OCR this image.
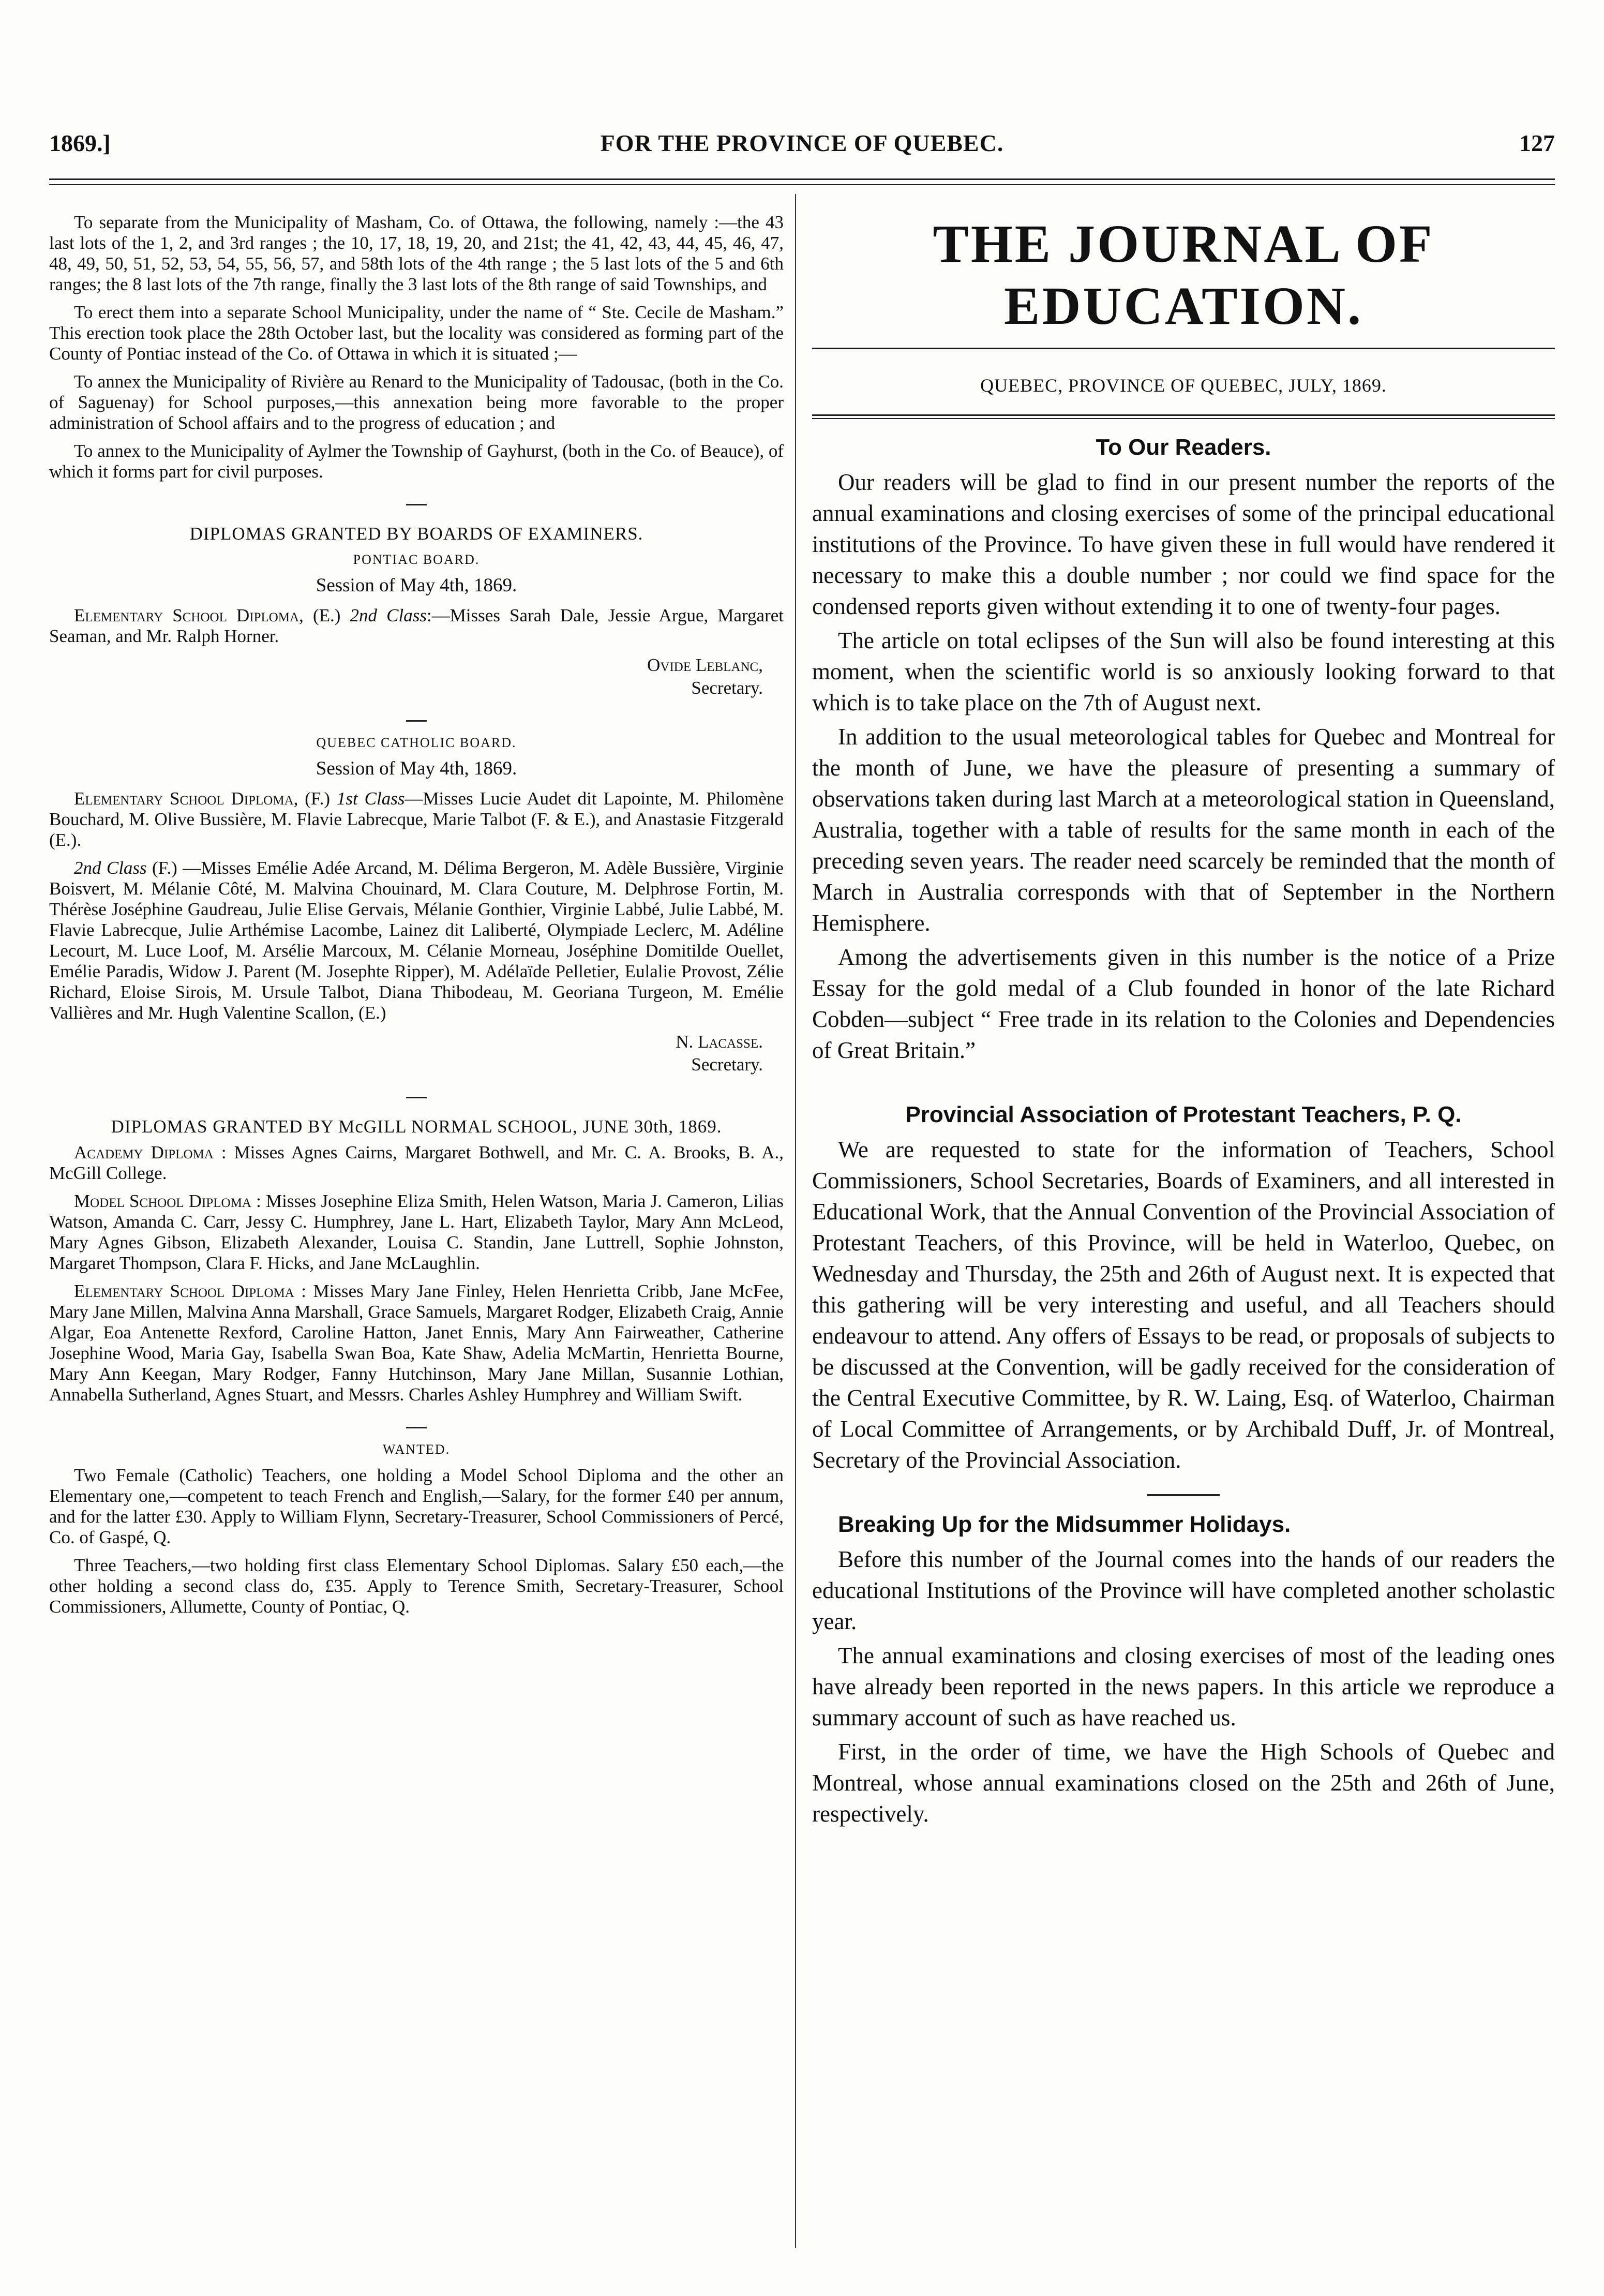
1869.]	FOR THE PROVINCE OF QUEBEC.	127

To separate from the Municipality of Masham, Co. of Ottawa, the following, namely :—the 43 last lots of the 1, 2, and 3rd ranges ; the 10, 17, 18, 19, 20, and 21st; the 41, 42, 43, 44, 45, 46, 47, 48, 49, 50, 51, 52, 53, 54, 55, 56, 57, and 58th lots of the 4th range ; the 5 last lots of the 5 and 6th ranges; the 8 last lots of the 7th range, finally the 3 last lots of the 8th range of said Townships, and

To erect them into a separate School Municipality, under the name of “ Ste. Cecile de Masham.” This erection took place the 28th October last, but the locality was considered as forming part of the County of Pontiac instead of the Co. of Ottawa in which it is situated ;—

To annex the Municipality of Rivière au Renard to the Municipality of Tadousac, (both in the Co. of Saguenay) for School purposes,—this annexation being more favorable to the proper administration of School affairs and to the progress of education ; and

To annex to the Municipality of Aylmer the Township of Gayhurst, (both in the Co. of Beauce), of which it forms part for civil purposes.

DIPLOMAS GRANTED BY BOARDS OF EXAMINERS.
PONTIAC BOARD.
Session of May 4th, 1869.

Elementary School Diploma, (E.) 2nd Class:—Misses Sarah Dale, Jessie Argue, Margaret Seaman, and Mr. Ralph Horner.

Ovide Leblanc,
Secretary.
QUEBEC CATHOLIC BOARD.
Session of May 4th, 1869.

Elementary School Diploma, (F.) 1st Class—Misses Lucie Audet dit Lapointe, M. Philomène Bouchard, M. Olive Bussière, M. Flavie Labrecque, Marie Talbot (F. & E.), and Anastasie Fitzgerald (E.).

2nd Class (F.) —Misses Emélie Adée Arcand, M. Délima Bergeron, M. Adèle Bussière, Virginie Boisvert, M. Mélanie Côté, M. Malvina Chouinard, M. Clara Couture, M. Delphrose Fortin, M. Thérèse Joséphine Gaudreau, Julie Elise Gervais, Mélanie Gonthier, Virginie Labbé, Julie Labbé, M. Flavie Labrecque, Julie Arthémise Lacombe, Lainez dit Laliberté, Olympiade Leclerc, M. Adéline Lecourt, M. Luce Loof, M. Arsélie Marcoux, M. Célanie Morneau, Joséphine Domitilde Ouellet, Emélie Paradis, Widow J. Parent (M. Josephte Ripper), M. Adélaïde Pelletier, Eulalie Provost, Zélie Richard, Eloise Sirois, M. Ursule Talbot, Diana Thibodeau, M. Georiana Turgeon, M. Emélie Vallières and Mr. Hugh Valentine Scallon, (E.)

N. Lacasse.
Secretary.
DIPLOMAS GRANTED BY McGILL NORMAL SCHOOL, JUNE 30th, 1869.

Academy Diploma : Misses Agnes Cairns, Margaret Bothwell, and Mr. C. A. Brooks, B. A., McGill College.

Model School Diploma : Misses Josephine Eliza Smith, Helen Watson, Maria J. Cameron, Lilias Watson, Amanda C. Carr, Jessy C. Humphrey, Jane L. Hart, Elizabeth Taylor, Mary Ann McLeod, Mary Agnes Gibson, Elizabeth Alexander, Louisa C. Standin, Jane Luttrell, Sophie Johnston, Margaret Thompson, Clara F. Hicks, and Jane McLaughlin.

Elementary School Diploma : Misses Mary Jane Finley, Helen Henrietta Cribb, Jane McFee, Mary Jane Millen, Malvina Anna Marshall, Grace Samuels, Margaret Rodger, Elizabeth Craig, Annie Algar, Eoa Antenette Rexford, Caroline Hatton, Janet Ennis, Mary Ann Fairweather, Catherine Josephine Wood, Maria Gay, Isabella Swan Boa, Kate Shaw, Adelia McMartin, Henrietta Bourne, Mary Ann Keegan, Mary Rodger, Fanny Hutchinson, Mary Jane Millan, Susannie Lothian, Annabella Sutherland, Agnes Stuart, and Messrs. Charles Ashley Humphrey and William Swift.

WANTED.

Two Female (Catholic) Teachers, one holding a Model School Diploma and the other an Elementary one,—competent to teach French and English,—Salary, for the former £40 per annum, and for the latter £30. Apply to William Flynn, Secretary-Treasurer, School Commissioners of Percé, Co. of Gaspé, Q.

Three Teachers,—two holding first class Elementary School Diplomas. Salary £50 each,—the other holding a second class do, £35. Apply to Terence Smith, Secretary-Treasurer, School Commissioners, Allumette, County of Pontiac, Q.

THE JOURNAL OF EDUCATION.
QUEBEC, PROVINCE OF QUEBEC, JULY, 1869.
To Our Readers.

Our readers will be glad to find in our present number the reports of the annual examinations and closing exercises of some of the principal educational institutions of the Province. To have given these in full would have rendered it necessary to make this a double number ; nor could we find space for the condensed reports given without extending it to one of twenty-four pages.

The article on total eclipses of the Sun will also be found interesting at this moment, when the scientific world is so anxiously looking forward to that which is to take place on the 7th of August next.

In addition to the usual meteorological tables for Quebec and Montreal for the month of June, we have the pleasure of presenting a summary of observations taken during last March at a meteorological station in Queensland, Australia, together with a table of results for the same month in each of the preceding seven years. The reader need scarcely be reminded that the month of March in Australia corresponds with that of September in the Northern Hemisphere.

Among the advertisements given in this number is the notice of a Prize Essay for the gold medal of a Club founded in honor of the late Richard Cobden—subject “ Free trade in its relation to the Colonies and Dependencies of Great Britain.”

Provincial Association of Protestant Teachers, P. Q.

We are requested to state for the information of Teachers, School Commissioners, School Secretaries, Boards of Examiners, and all interested in Educational Work, that the Annual Convention of the Provincial Association of Protestant Teachers, of this Province, will be held in Waterloo, Quebec, on Wednesday and Thursday, the 25th and 26th of August next. It is expected that this gathering will be very interesting and useful, and all Teachers should endeavour to attend. Any offers of Essays to be read, or proposals of subjects to be discussed at the Convention, will be gadly received for the consideration of the Central Executive Committee, by R. W. Laing, Esq. of Waterloo, Chairman of Local Committee of Arrangements, or by Archibald Duff, Jr. of Montreal, Secretary of the Provincial Association.

Breaking Up for the Midsummer Holidays.

Before this number of the Journal comes into the hands of our readers the educational Institutions of the Province will have completed another scholastic year.

The annual examinations and closing exercises of most of the leading ones have already been reported in the news papers. In this article we reproduce a summary account of such as have reached us.

First, in the order of time, we have the High Schools of Quebec and Montreal, whose annual examinations closed on the 25th and 26th of June, respectively.
